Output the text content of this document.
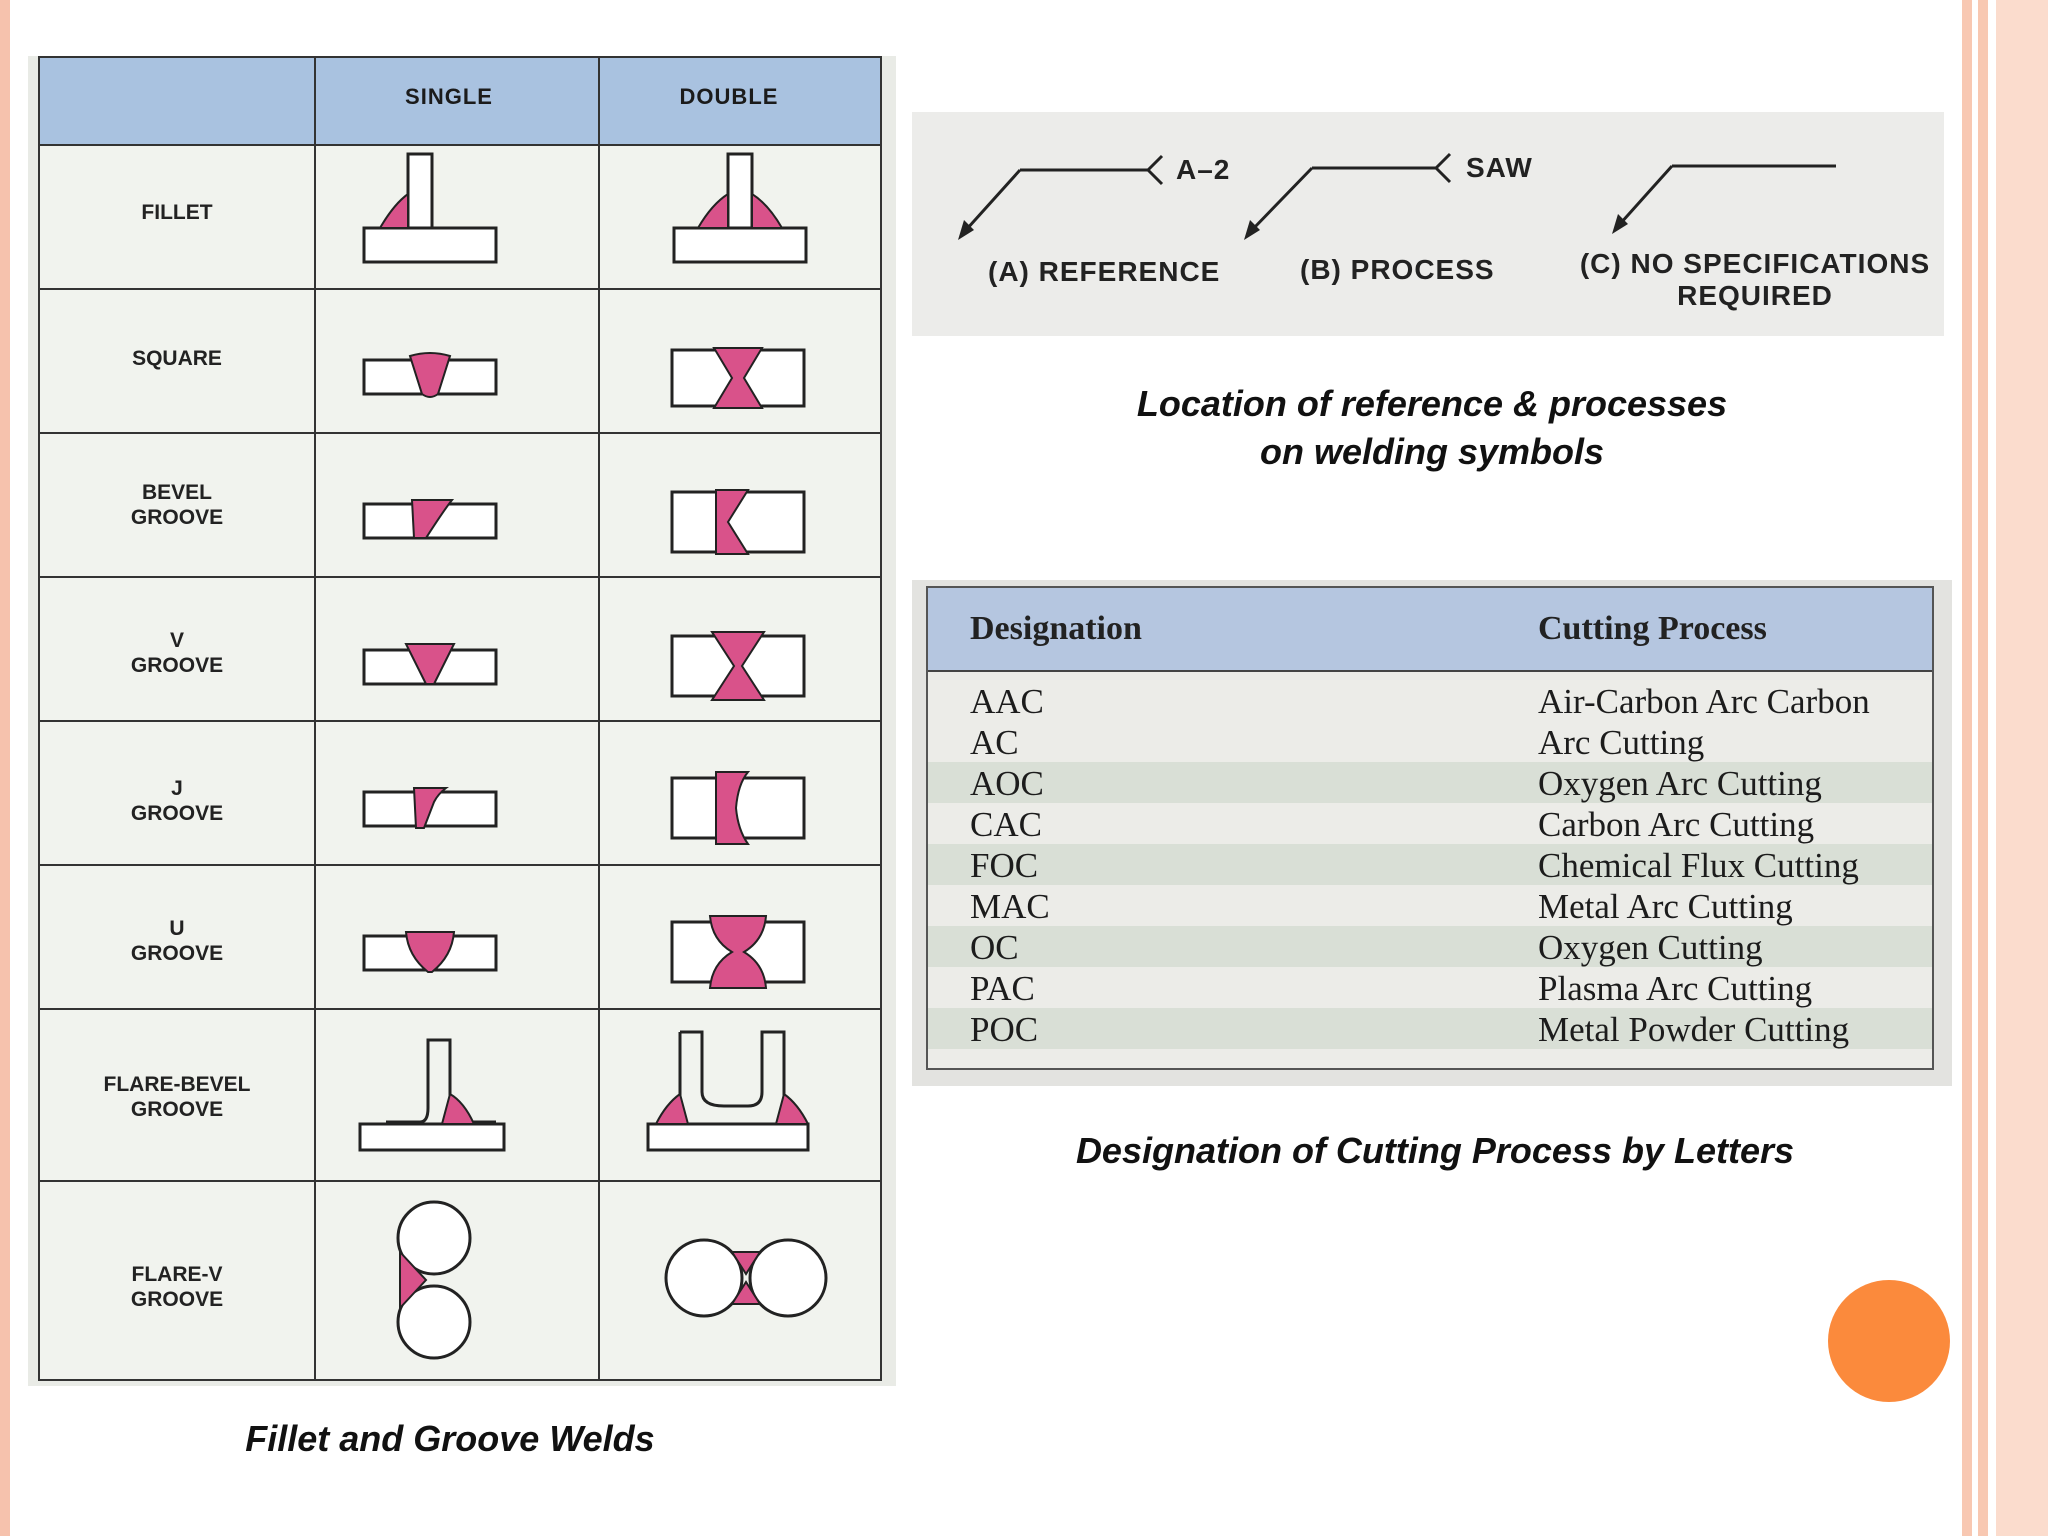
SINGLE	DOUBLE
FILLET
SQUARE
BEVEL
GROOVE
V
GROOVE
J
GROOVE
U
GROOVE
FLARE-BEVEL
GROOVE
FLARE-V
GROOVE
Fillet and Groove Welds
A–2	SAW
(A) REFERENCE	(B) PROCESS	(C) NO SPECIFICATIONS
REQUIRED
Location of reference & processes
on welding symbols
Designation	Cutting Process
AAC	Air-Carbon Arc Carbon
AC	Arc Cutting
AOC	Oxygen Arc Cutting
CAC	Carbon Arc Cutting
FOC	Chemical Flux Cutting
MAC	Metal Arc Cutting
OC	Oxygen Cutting
PAC	Plasma Arc Cutting
POC	Metal Powder Cutting
Designation of Cutting Process by Letters
